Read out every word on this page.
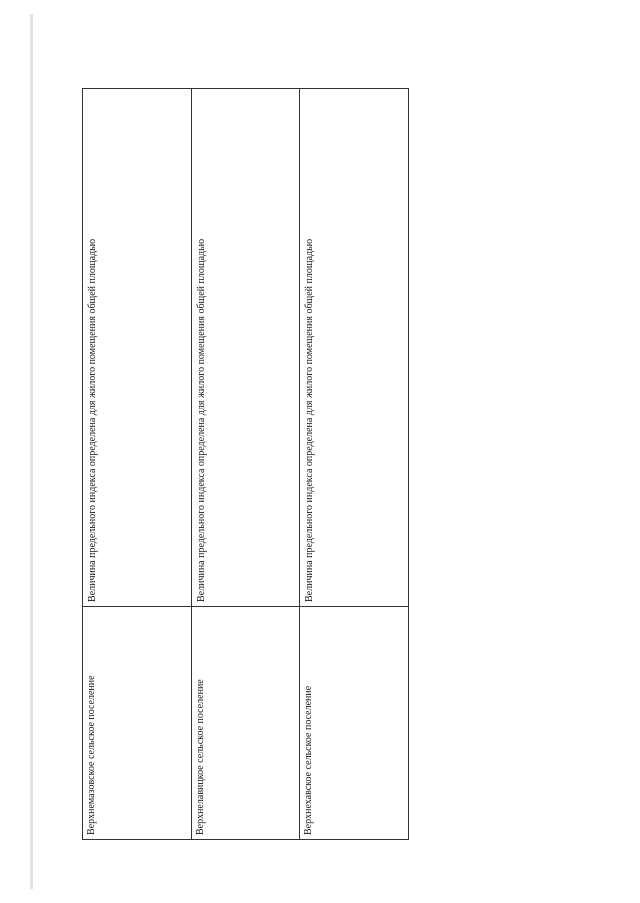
Верхнемазовское сельское поселение	Величина предельного индекса определена для жилого помещения общей площадью
Верхнелавицкое сельское поселение	Величина предельного индекса определена для жилого помещения общей площадью
Верхнехавское сельское поселение	Величина предельного индекса определена для жилого помещения общей площадью
